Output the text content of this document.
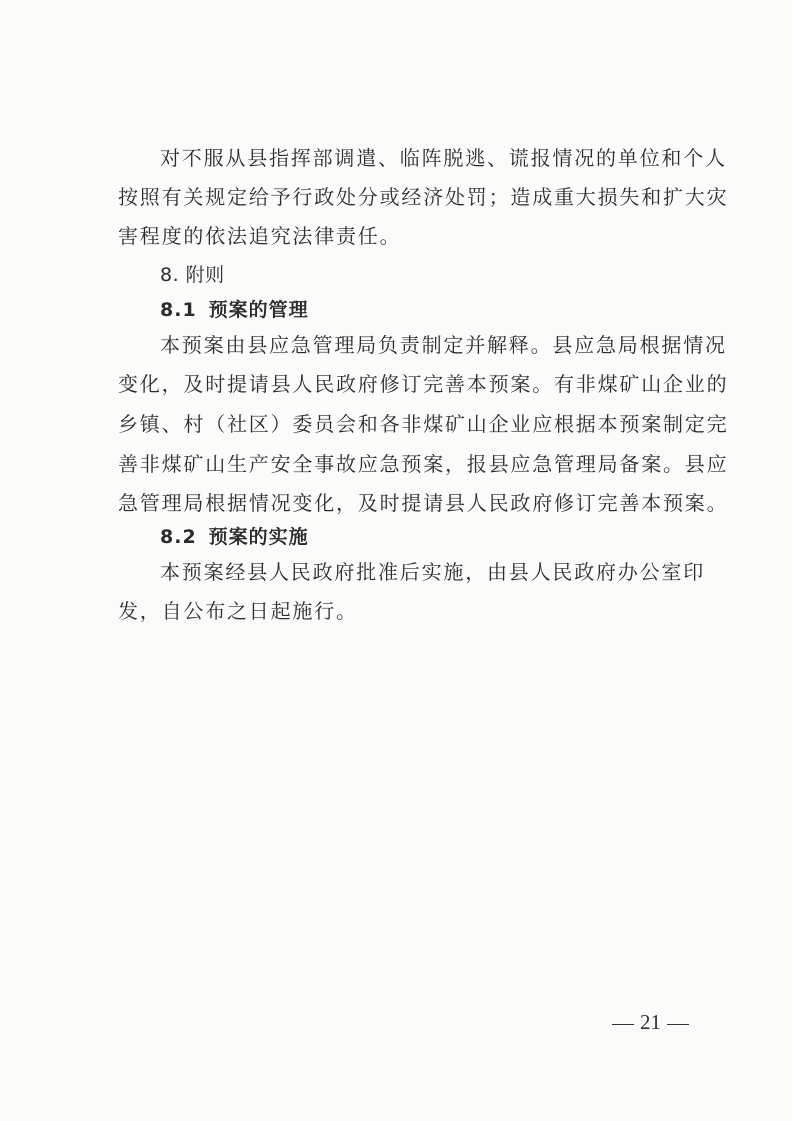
对不服从县指挥部调遣、临阵脱逃、谎报情况的单位和个人

按照有关规定给予行政处分或经济处罚；造成重大损失和扩大灾

害程度的依法追究法律责任。

8. 附则

8.1 预案的管理

本预案由县应急管理局负责制定并解释。县应急局根据情况

变化，及时提请县人民政府修订完善本预案。有非煤矿山企业的

乡镇、村（社区）委员会和各非煤矿山企业应根据本预案制定完

善非煤矿山生产安全事故应急预案，报县应急管理局备案。县应

急管理局根据情况变化，及时提请县人民政府修订完善本预案。

8.2 预案的实施

本预案经县人民政府批准后实施，由县人民政府办公室印

发，自公布之日起施行。

21
